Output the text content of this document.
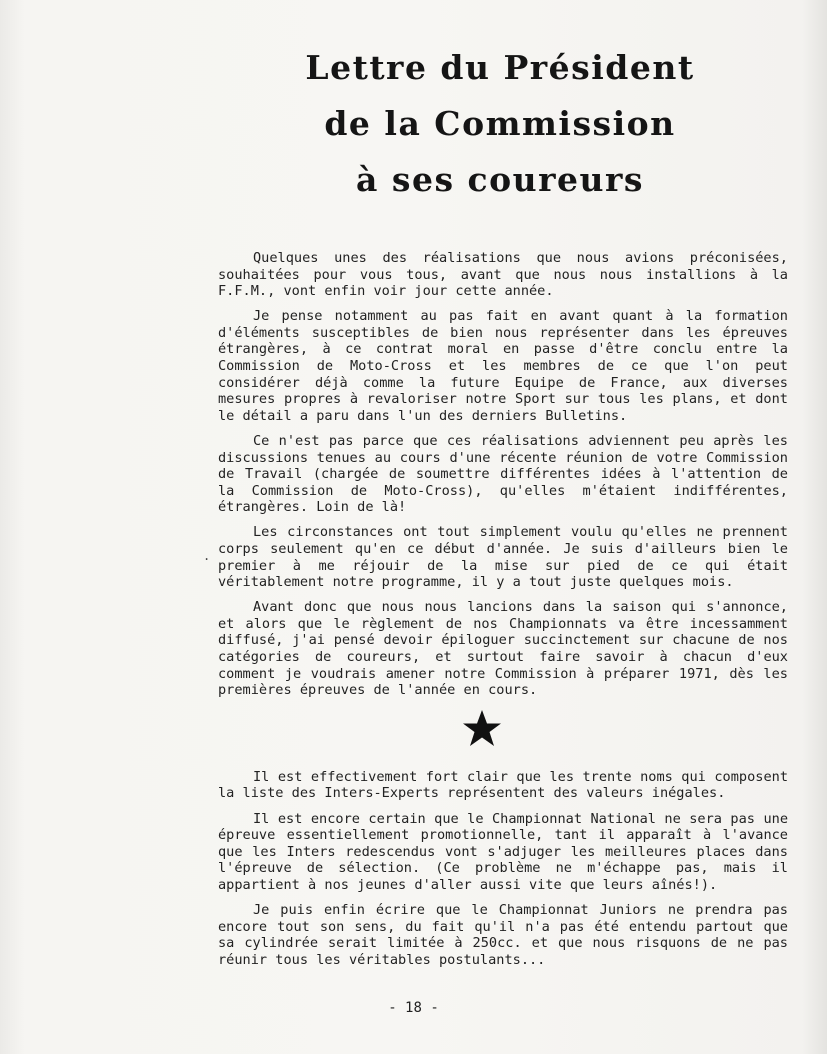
Lettre du Président
de la Commission
à ses coureurs
.

Quelques unes des réalisations que nous avions préconisées, souhaitées pour vous tous, avant que nous nous installions à la F.F.M., vont enfin voir jour cette année.

Je pense notamment au pas fait en avant quant à la formation d'éléments susceptibles de bien nous représenter dans les épreuves étrangères, à ce contrat moral en passe d'être conclu entre la Commission de Moto-Cross et les membres de ce que l'on peut considérer déjà comme la future Equipe de France, aux diverses mesures propres à revaloriser notre Sport sur tous les plans, et dont le détail a paru dans l'un des derniers Bulletins.

Ce n'est pas parce que ces réalisations adviennent peu après les discussions tenues au cours d'une récente réunion de votre Commission de Travail (chargée de soumettre différentes idées à l'attention de la Commission de Moto-Cross), qu'elles m'étaient indifférentes, étrangères. Loin de là!

Les circonstances ont tout simplement voulu qu'elles ne prennent corps seulement qu'en ce début d'année. Je suis d'ailleurs bien le premier à me réjouir de la mise sur pied de ce qui était véritablement notre programme, il y a tout juste quelques mois.

Avant donc que nous nous lancions dans la saison qui s'annonce, et alors que le règlement de nos Championnats va être incessamment diffusé, j'ai pensé devoir épiloguer succinctement sur chacune de nos catégories de coureurs, et surtout faire savoir à chacun d'eux comment je voudrais amener notre Commission à préparer 1971, dès les premières épreuves de l'année en cours.

Il est effectivement fort clair que les trente noms qui composent la liste des Inters-Experts représentent des valeurs inégales.

Il est encore certain que le Championnat National ne sera pas une épreuve essentiellement promotionnelle, tant il apparaît à l'avance que les Inters redescendus vont s'adjuger les meilleures places dans l'épreuve de sélection. (Ce problème ne m'échappe pas, mais il appartient à nos jeunes d'aller aussi vite que leurs aînés!).

Je puis enfin écrire que le Championnat Juniors ne prendra pas encore tout son sens, du fait qu'il n'a pas été entendu partout que sa cylindrée serait limitée à 250cc. et que nous risquons de ne pas réunir tous les véritables postulants...

- 18 -
